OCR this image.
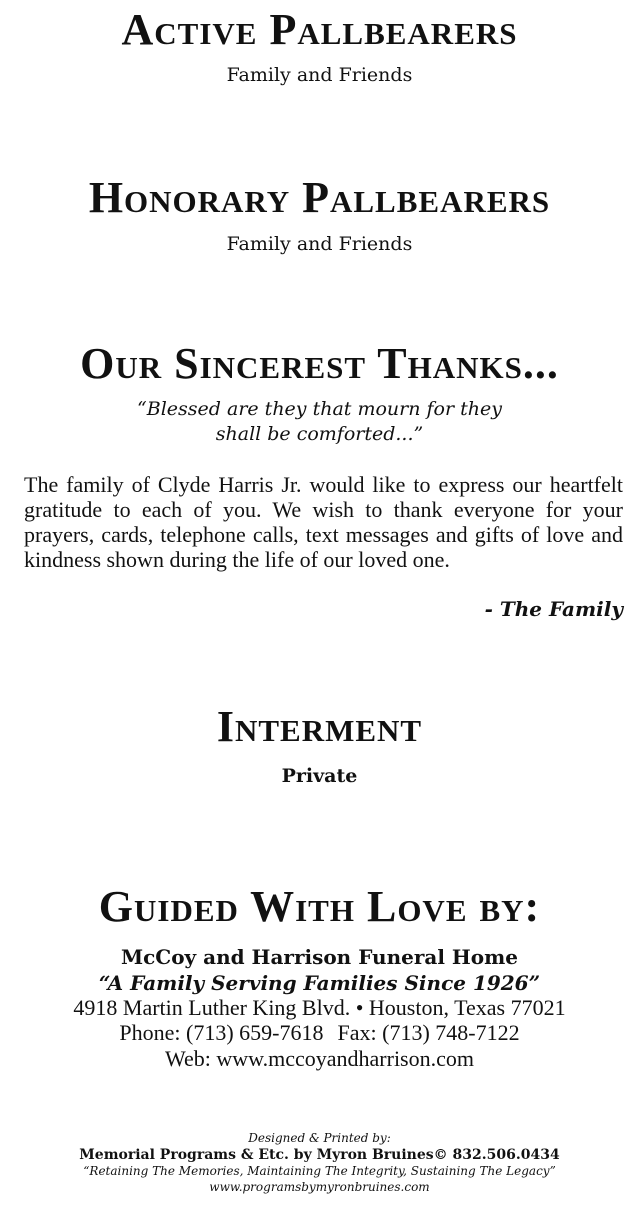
Active Pallbearers

Family and Friends

Honorary Pallbearers

Family and Friends

Our Sincerest Thanks...
“Blessed are they that mourn for they
shall be comforted...”

The family of Clyde Harris Jr. would like to express our heartfelt gratitude to each of you. We wish to thank everyone for your prayers, cards, telephone calls, text messages and gifts of love and kindness shown during the life of our loved one.

- The Family
Interment

Private

Guided With Love by:
McCoy and Harrison Funeral Home
“A Family Serving Families Since 1926”
4918 Martin Luther King Blvd. • Houston, Texas 77021
Phone: (713) 659-7618 Fax: (713) 748-7122
Web: www.mccoyandharrison.com
Designed & Printed by:
Memorial Programs & Etc. by Myron Bruines© 832.506.0434
“Retaining The Memories, Maintaining The Integrity, Sustaining The Legacy”
www.programsbymyronbruines.com
